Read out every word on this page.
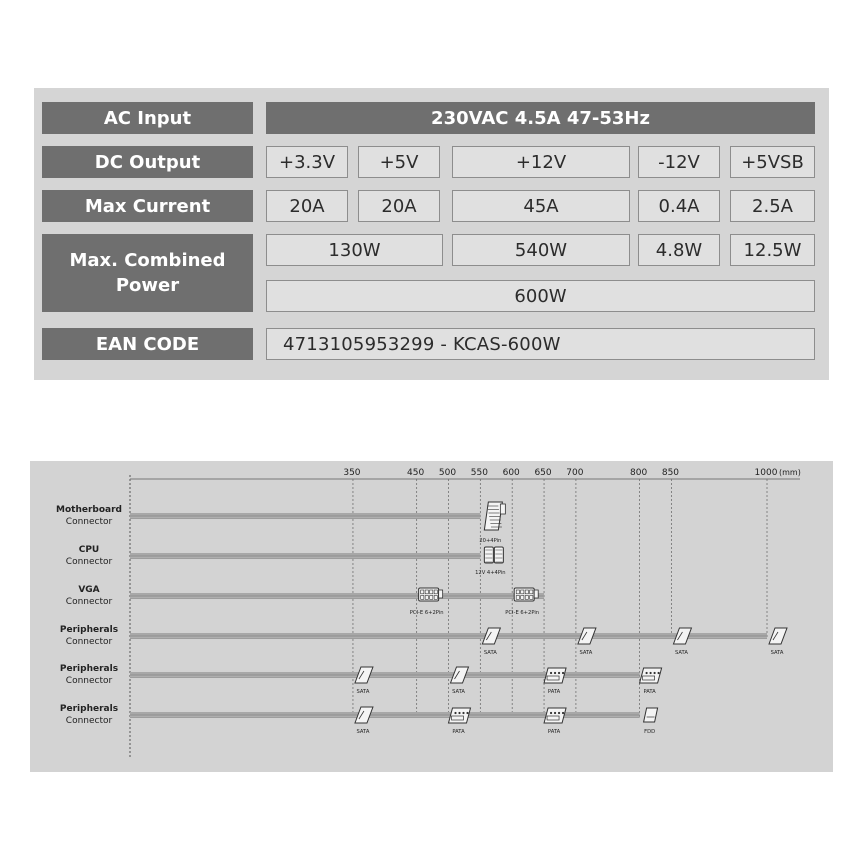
AC Input	230VAC 4.5A 47-53Hz
DC Output	+3.3V	+5V	+12V	-12V	+5VSB
Max Current	20A	20A	45A	0.4A	2.5A
Max. Combined
Power
130W	540W	4.8W	12.5W
600W
EAN CODE	4713105953299 - KCAS-600W
350	450 500 550 600 650 700	800 850	1000 (mm)
20+4Pin
12V 4+4Pin
PCI-E 6+2Pin	PCI-E 6+2Pin
SATA	SATA	SATA	SATA
SATA	SATA	PATA	PATA
SATA	PATA	PATA	FDD
Motherboard
Connector
CPU
Connector
VGA
Connector
Peripherals
Connector
Peripherals
Connector
Peripherals
Connector
